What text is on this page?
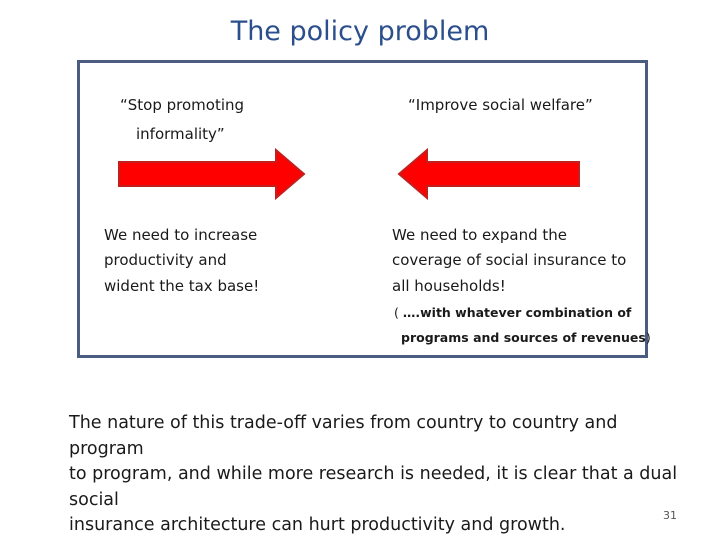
The policy problem
“Stop promoting
informality”
We need to increase
productivity and
wident the tax base!
“Improve social welfare”
We need to expand the
coverage of social insurance to
all households!
( ….with whatever combination of
programs and sources of revenues)
The nature of this trade-off varies from country to country and program
to program, and while more research is needed, it is clear that a dual social
insurance architecture can hurt productivity and growth.	31
